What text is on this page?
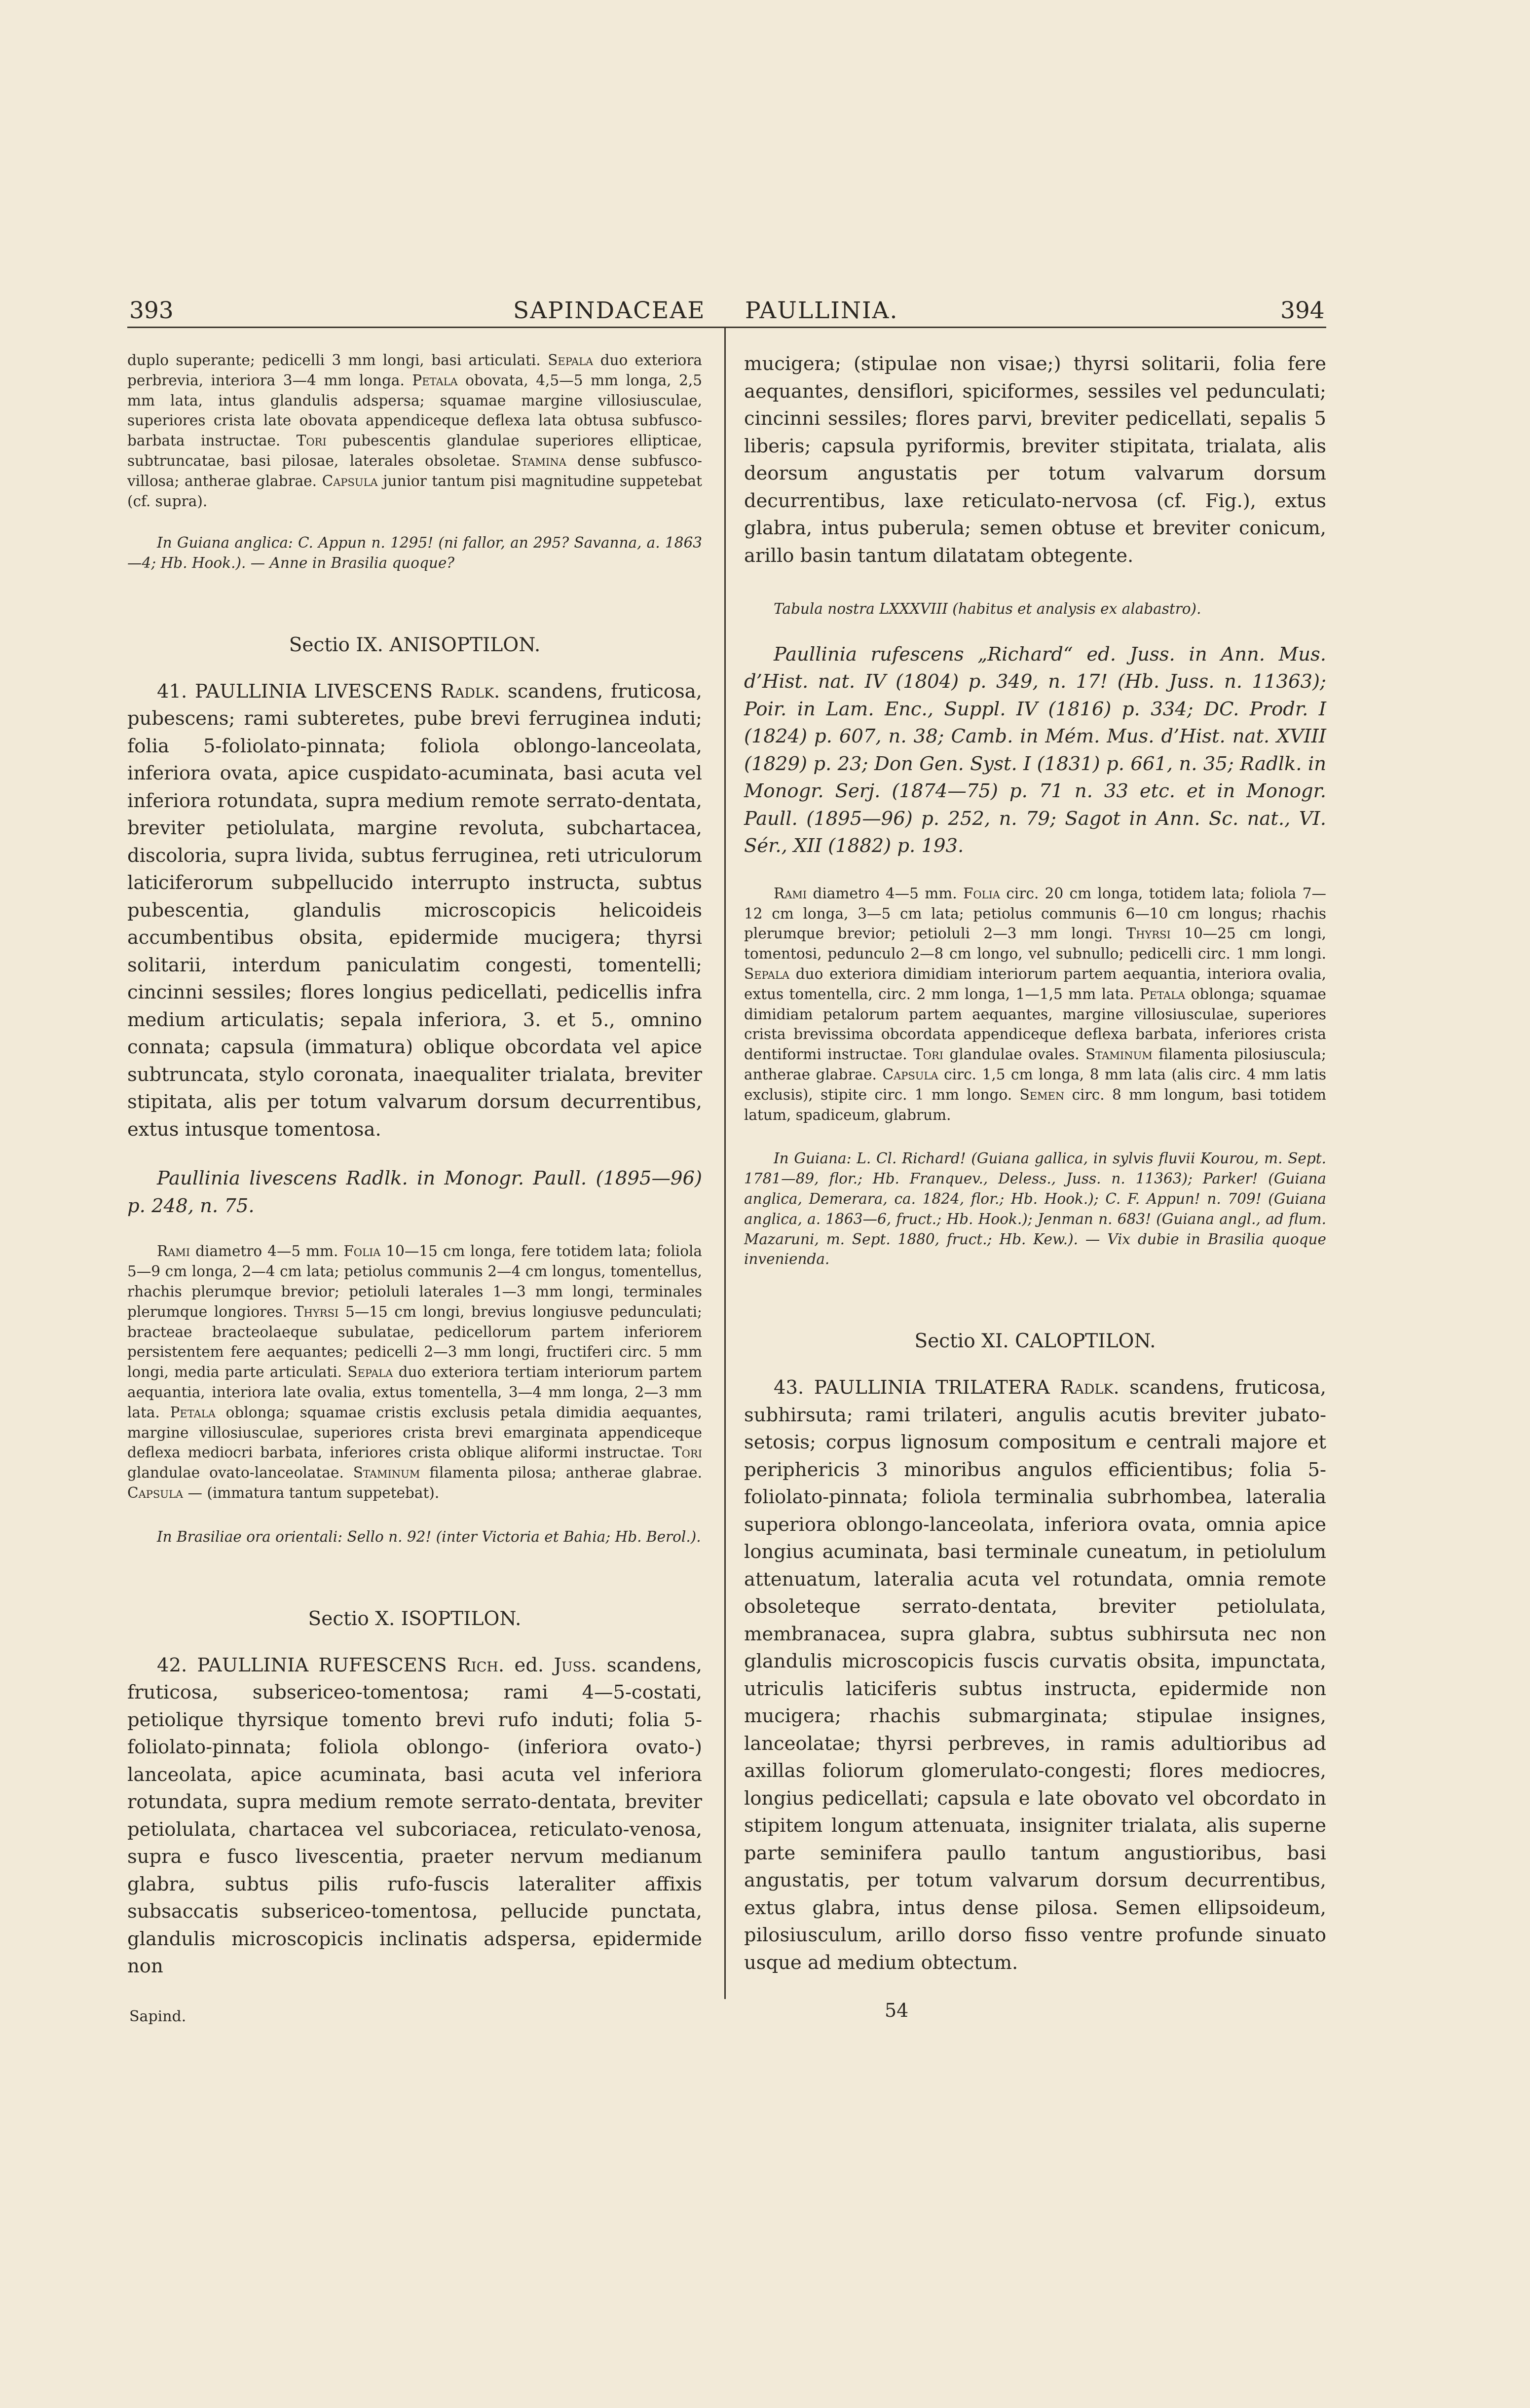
393	SAPINDACEAE PAULLINIA.	394

duplo superante; pedicelli 3 mm longi, basi articulati. Sepala duo exteriora perbrevia, interiora 3—4 mm longa. Petala obovata, 4,5—5 mm longa, 2,5 mm lata, intus glandulis adspersa; squamae margine villosiusculae, superiores crista late obovata appendiceque deflexa lata obtusa subfusco-barbata instructae. Tori pubescentis glandulae superiores ellipticae, subtruncatae, basi pilosae, laterales obsoletae. Stamina dense subfusco-villosa; antherae glabrae. Capsula junior tantum pisi magnitudine suppetebat (cf. supra).

In Guiana anglica: C. Appun n. 1295! (ni fallor, an 295? Savanna, a. 1863—4; Hb. Hook.). — Anne in Brasilia quoque?

Sectio IX. ANISOPTILON.

41. PAULLINIA LIVESCENS Radlk. scandens, fruticosa, pubescens; rami subteretes, pube brevi ferruginea induti; folia 5-foliolato-pinnata; foliola oblongo-lanceolata, inferiora ovata, apice cuspidato-acuminata, basi acuta vel inferiora rotundata, supra medium remote serrato-dentata, breviter petiolulata, margine revoluta, subchartacea, discoloria, supra livida, subtus ferruginea, reti utriculorum laticiferorum subpellucido interrupto instructa, subtus pubescentia, glandulis microscopicis helicoideis accumbentibus obsita, epidermide mucigera; thyrsi solitarii, interdum paniculatim congesti, tomentelli; cincinni sessiles; flores longius pedicellati, pedicellis infra medium articulatis; sepala inferiora, 3. et 5., omnino connata; capsula (immatura) oblique obcordata vel apice subtruncata, stylo coronata, inaequaliter trialata, breviter stipitata, alis per totum valvarum dorsum decurrentibus, extus intusque tomentosa.

Paullinia livescens Radlk. in Monogr. Paull. (1895—96) p. 248, n. 75.

Rami diametro 4—5 mm. Folia 10—15 cm longa, fere totidem lata; foliola 5—9 cm longa, 2—4 cm lata; petiolus communis 2—4 cm longus, tomentellus, rhachis plerumque brevior; petioluli laterales 1—3 mm longi, terminales plerumque longiores. Thyrsi 5—15 cm longi, brevius longiusve pedunculati; bracteae bracteolaeque subulatae, pedicellorum partem inferiorem persistentem fere aequantes; pedicelli 2—3 mm longi, fructiferi circ. 5 mm longi, media parte articulati. Sepala duo exteriora tertiam interiorum partem aequantia, interiora late ovalia, extus tomentella, 3—4 mm longa, 2—3 mm lata. Petala oblonga; squamae cristis exclusis petala dimidia aequantes, margine villosiusculae, superiores crista brevi emarginata appendiceque deflexa mediocri barbata, inferiores crista oblique aliformi instructae. Tori glandulae ovato-lanceolatae. Staminum filamenta pilosa; antherae glabrae. Capsula — (immatura tantum suppetebat).

In Brasiliae ora orientali: Sello n. 92! (inter Victoria et Bahia; Hb. Berol.).

Sectio X. ISOPTILON.

42. PAULLINIA RUFESCENS Rich. ed. Juss. scandens, fruticosa, subsericeo-tomentosa; rami 4—5-costati, petiolique thyrsique tomento brevi rufo induti; folia 5-foliolato-pinnata; foliola oblongo- (inferiora ovato-) lanceolata, apice acuminata, basi acuta vel inferiora rotundata, supra medium remote serrato-dentata, breviter petiolulata, chartacea vel subcoriacea, reticulato-venosa, supra e fusco livescentia, praeter nervum medianum glabra, subtus pilis rufo-fuscis lateraliter affixis subsaccatis subsericeo-tomentosa, pellucide punctata, glandulis microscopicis inclinatis adspersa, epidermide non

mucigera; (stipulae non visae;) thyrsi solitarii, folia fere aequantes, densiflori, spiciformes, sessiles vel pedunculati; cincinni sessiles; flores parvi, breviter pedicellati, sepalis 5 liberis; capsula pyriformis, breviter stipitata, trialata, alis deorsum angustatis per totum valvarum dorsum decurrentibus, laxe reticulato-nervosa (cf. Fig.), extus glabra, intus puberula; semen obtuse et breviter conicum, arillo basin tantum dilatatam obtegente.

Tabula nostra LXXXVIII (habitus et analysis ex alabastro).

Paullinia rufescens „Richard“ ed. Juss. in Ann. Mus. d’Hist. nat. IV (1804) p. 349, n. 17! (Hb. Juss. n. 11363); Poir. in Lam. Enc., Suppl. IV (1816) p. 334; DC. Prodr. I (1824) p. 607, n. 38; Camb. in Mém. Mus. d’Hist. nat. XVIII (1829) p. 23; Don Gen. Syst. I (1831) p. 661, n. 35; Radlk. in Monogr. Serj. (1874—75) p. 71 n. 33 etc. et in Monogr. Paull. (1895—96) p. 252, n. 79; Sagot in Ann. Sc. nat., VI. Sér., XII (1882) p. 193.

Rami diametro 4—5 mm. Folia circ. 20 cm longa, totidem lata; foliola 7—12 cm longa, 3—5 cm lata; petiolus communis 6—10 cm longus; rhachis plerumque brevior; petioluli 2—3 mm longi. Thyrsi 10—25 cm longi, tomentosi, pedunculo 2—8 cm longo, vel subnullo; pedicelli circ. 1 mm longi. Sepala duo exteriora dimidiam interiorum partem aequantia, interiora ovalia, extus tomentella, circ. 2 mm longa, 1—1,5 mm lata. Petala oblonga; squamae dimidiam petalorum partem aequantes, margine villosiusculae, superiores crista brevissima obcordata appendiceque deflexa barbata, inferiores crista dentiformi instructae. Tori glandulae ovales. Staminum filamenta pilosiuscula; antherae glabrae. Capsula circ. 1,5 cm longa, 8 mm lata (alis circ. 4 mm latis exclusis), stipite circ. 1 mm longo. Semen circ. 8 mm longum, basi totidem latum, spadiceum, glabrum.

In Guiana: L. Cl. Richard! (Guiana gallica, in sylvis fluvii Kourou, m. Sept. 1781—89, flor.; Hb. Franquev., Deless., Juss. n. 11363); Parker! (Guiana anglica, Demerara, ca. 1824, flor.; Hb. Hook.); C. F. Appun! n. 709! (Guiana anglica, a. 1863—6, fruct.; Hb. Hook.); Jenman n. 683! (Guiana angl., ad flum. Mazaruni, m. Sept. 1880, fruct.; Hb. Kew.). — Vix dubie in Brasilia quoque invenienda.

Sectio XI. CALOPTILON.

43. PAULLINIA TRILATERA Radlk. scandens, fruticosa, subhirsuta; rami trilateri, angulis acutis breviter jubato-setosis; corpus lignosum compositum e centrali majore et periphericis 3 minoribus angulos efficientibus; folia 5-foliolato-pinnata; foliola terminalia subrhombea, lateralia superiora oblongo-lanceolata, inferiora ovata, omnia apice longius acuminata, basi terminale cuneatum, in petiolulum attenuatum, lateralia acuta vel rotundata, omnia remote obsoleteque serrato-dentata, breviter petiolulata, membranacea, supra glabra, subtus subhirsuta nec non glandulis microscopicis fuscis curvatis obsita, impunctata, utriculis laticiferis subtus instructa, epidermide non mucigera; rhachis submarginata; stipulae insignes, lanceolatae; thyrsi perbreves, in ramis adultioribus ad axillas foliorum glomerulato-congesti; flores mediocres, longius pedicellati; capsula e late obovato vel obcordato in stipitem longum attenuata, insigniter trialata, alis superne parte seminifera paullo tantum angustioribus, basi angustatis, per totum valvarum dorsum decurrentibus, extus glabra, intus dense pilosa. Semen ellipsoideum, pilosiusculum, arillo dorso fisso ventre profunde sinuato usque ad medium obtectum.

Sapind.	54
